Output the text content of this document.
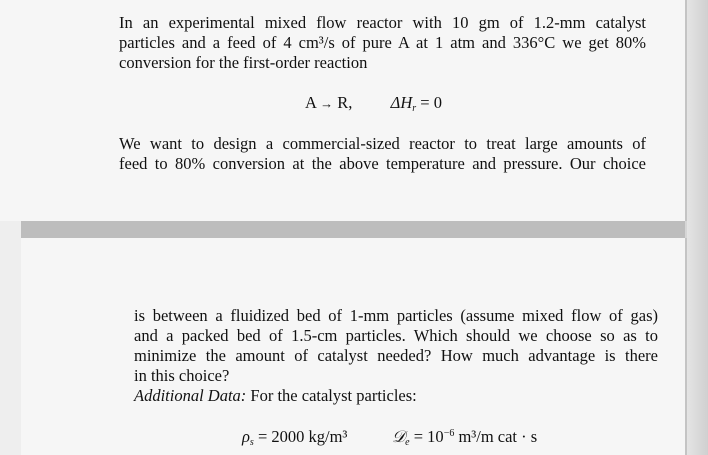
In an experimental mixed flow reactor with 10 gm of 1.2-mm catalyst
particles and a feed of 4 cm³/s of pure A at 1 atm and 336°C we get 80%
conversion for the first-order reaction
A → R, $\Delta H_r = 0$
We want to design a commercial-sized reactor to treat large amounts of
feed to 80% conversion at the above temperature and pressure. Our choice
is between a fluidized bed of 1-mm particles (assume mixed flow of gas)
and a packed bed of 1.5-cm particles. Which should we choose so as to
minimize the amount of catalyst needed? How much advantage is there
in this choice?
Additional Data: For the catalyst particles:
$\rho_s = 2000$ kg/m³	𝒟$_e$ = $10^{-6}$ m³/m cat · s
